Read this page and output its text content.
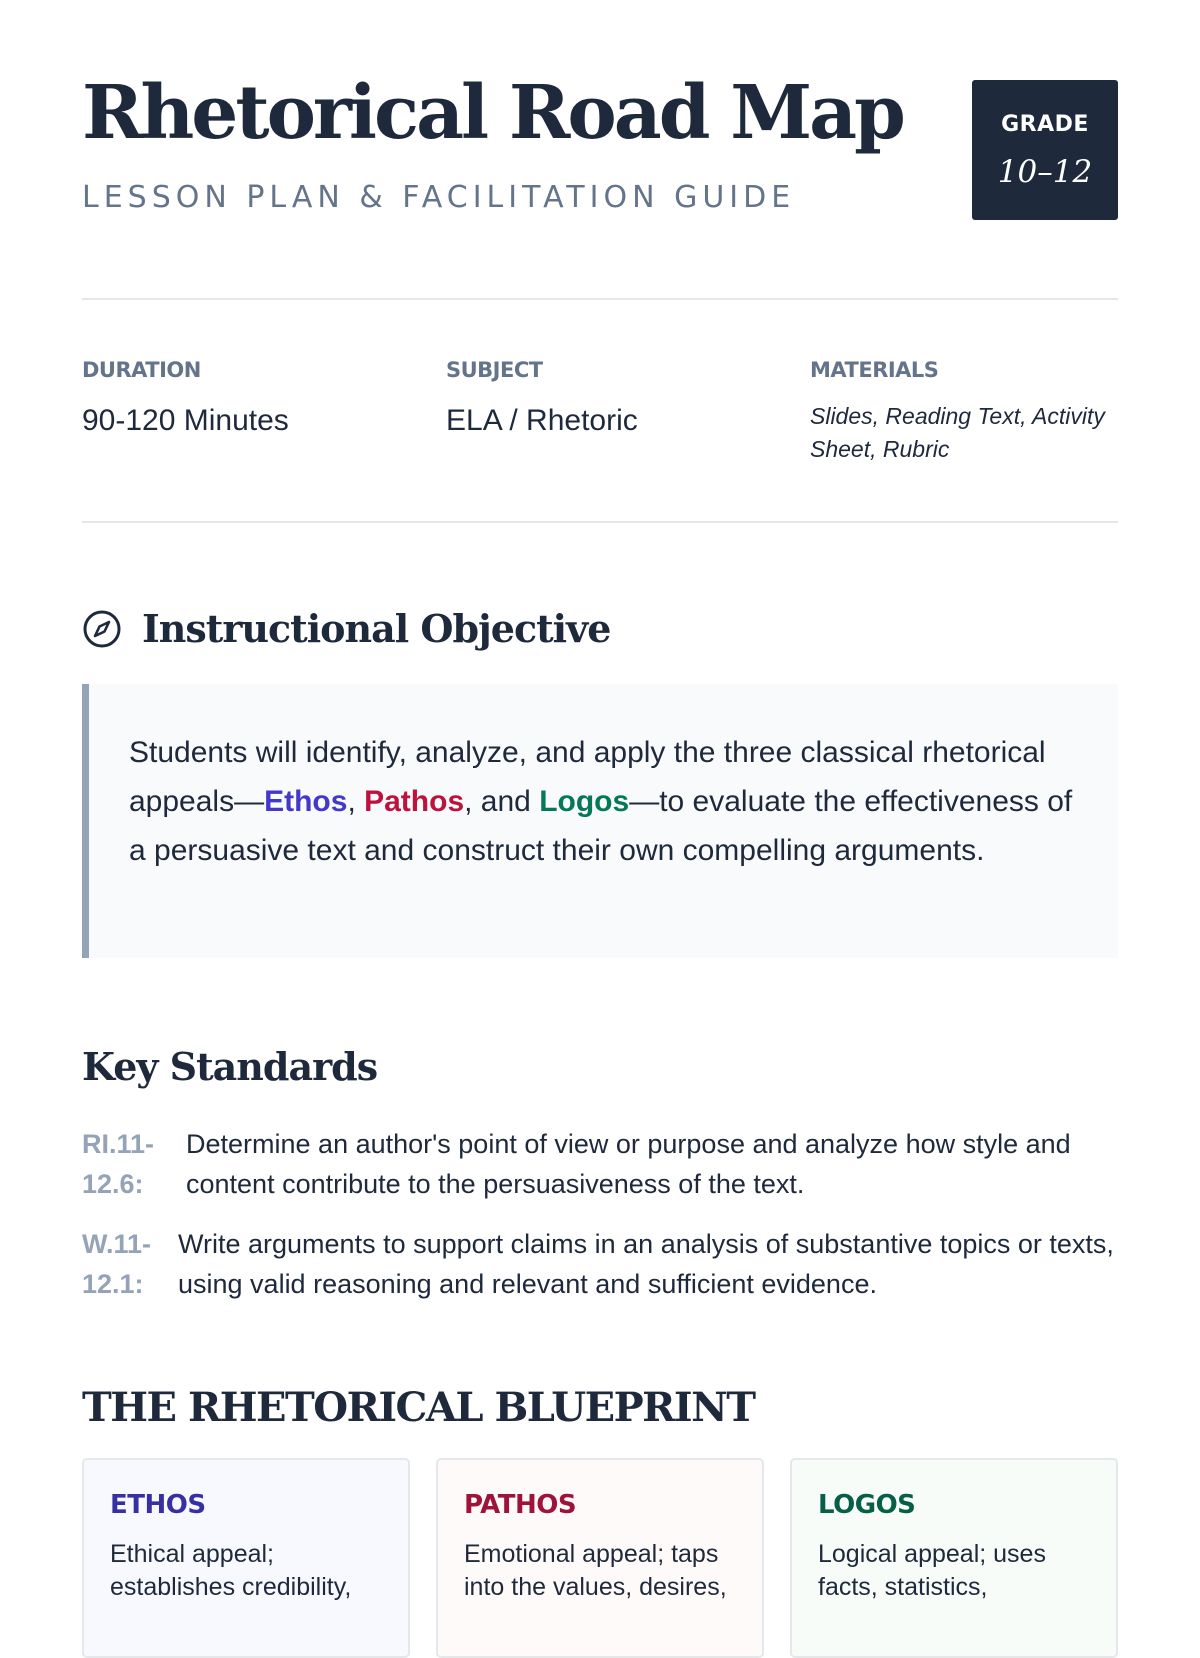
Rhetorical Road Map
LESSON PLAN & FACILITATION GUIDE
GRADE
10–12
DURATION
90-120 Minutes
SUBJECT
ELA / Rhetoric
MATERIALS
Slides, Reading Text, Activity Sheet, Rubric
Instructional Objective
Students will identify, analyze, and apply the three classical rhetorical appeals—Ethos, Pathos, and Logos—to evaluate the effectiveness of a persuasive text and construct their own compelling arguments.
Key Standards
RI.11-12.6:
Determine an author's point of view or purpose and analyze how style and content contribute to the persuasiveness of the text.
W.11-12.1:
Write arguments to support claims in an analysis of substantive topics or texts, using valid reasoning and relevant and sufficient evidence.
THE RHETORICAL BLUEPRINT
ETHOS
Ethical appeal; establishes credibility,
PATHOS
Emotional appeal; taps into the values, desires,
LOGOS
Logical appeal; uses facts, statistics,
